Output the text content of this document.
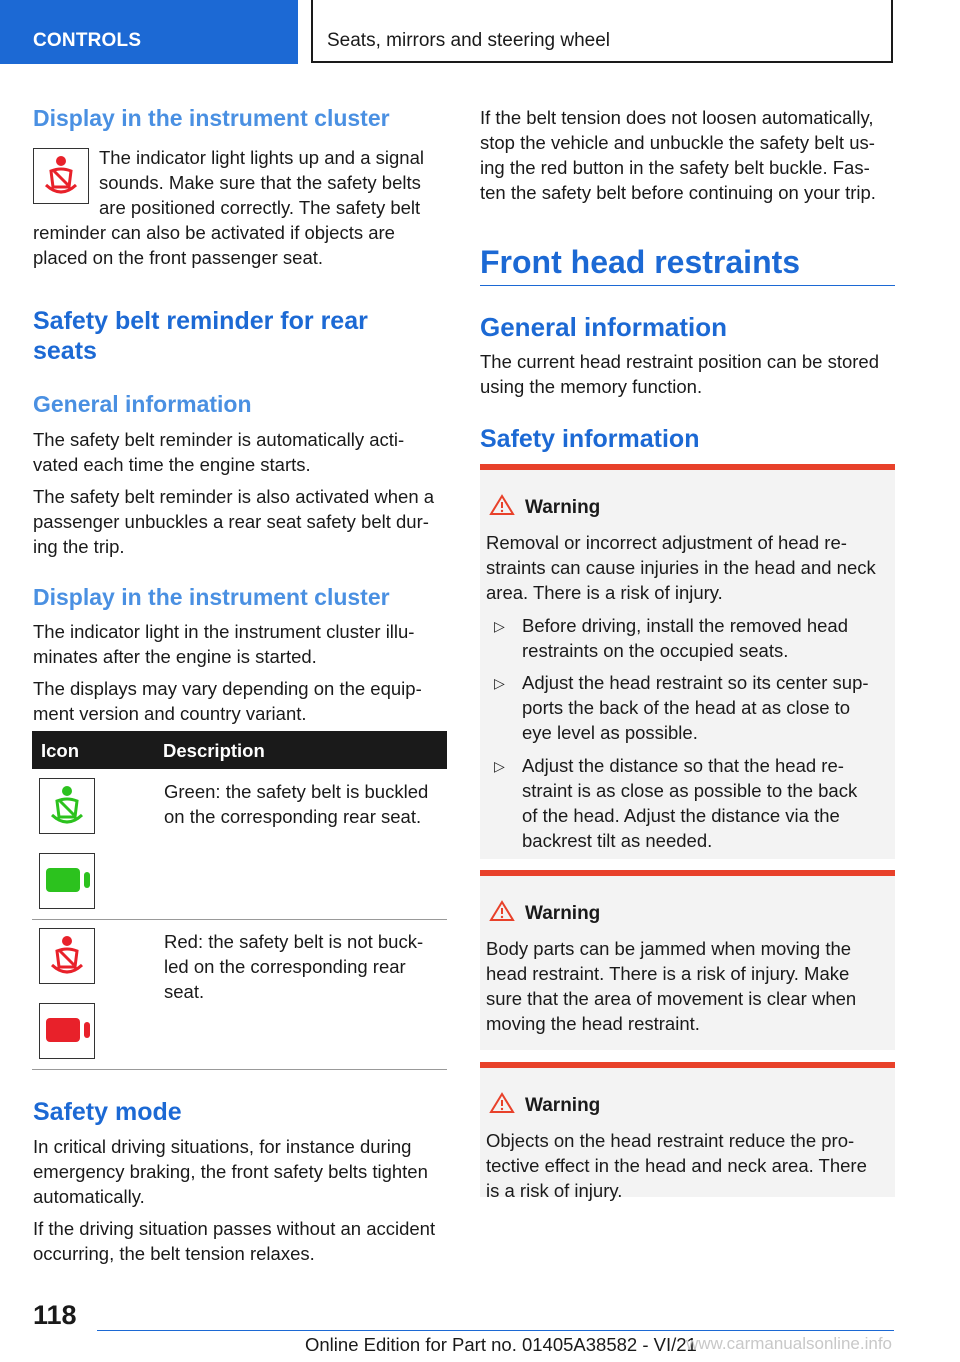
CONTROLS	Seats, mirrors and steering wheel
Display in the instrument cluster
The indicator light lights up and a signal
sounds. Make sure that the safety belts
are positioned correctly. The safety belt
reminder can also be activated if objects are
placed on the front passenger seat.
Safety belt reminder for rear
seats
General information
The safety belt reminder is automatically acti-
vated each time the engine starts.
The safety belt reminder is also activated when a
passenger unbuckles a rear seat safety belt dur-
ing the trip.
Display in the instrument cluster
The indicator light in the instrument cluster illu-
minates after the engine is started.
The displays may vary depending on the equip-
ment version and country variant.
Icon	Description
Green: the safety belt is buckled
on the corresponding rear seat.
Red: the safety belt is not buck-
led on the corresponding rear
seat.
Safety mode
In critical driving situations, for instance during
emergency braking, the front safety belts tighten
automatically.
If the driving situation passes without an accident
occurring, the belt tension relaxes.
If the belt tension does not loosen automatically,
stop the vehicle and unbuckle the safety belt us-
ing the red button in the safety belt buckle. Fas-
ten the safety belt before continuing on your trip.
Front head restraints
General information
The current head restraint position can be stored
using the memory function.
Safety information
Warning
Removal or incorrect adjustment of head re-
straints can cause injuries in the head and neck
area. There is a risk of injury.
▷ Before driving, install the removed head
restraints on the occupied seats.
▷ Adjust the head restraint so its center sup-
ports the back of the head at as close to
eye level as possible.
▷ Adjust the distance so that the head re-
straint is as close as possible to the back
of the head. Adjust the distance via the
backrest tilt as needed.
Warning
Body parts can be jammed when moving the
head restraint. There is a risk of injury. Make
sure that the area of movement is clear when
moving the head restraint.
Warning
Objects on the head restraint reduce the pro-
tective effect in the head and neck area. There
is a risk of injury.
118
Online Edition for Part no. 01405A38582 - VI/21
www.carmanualsonline.info
